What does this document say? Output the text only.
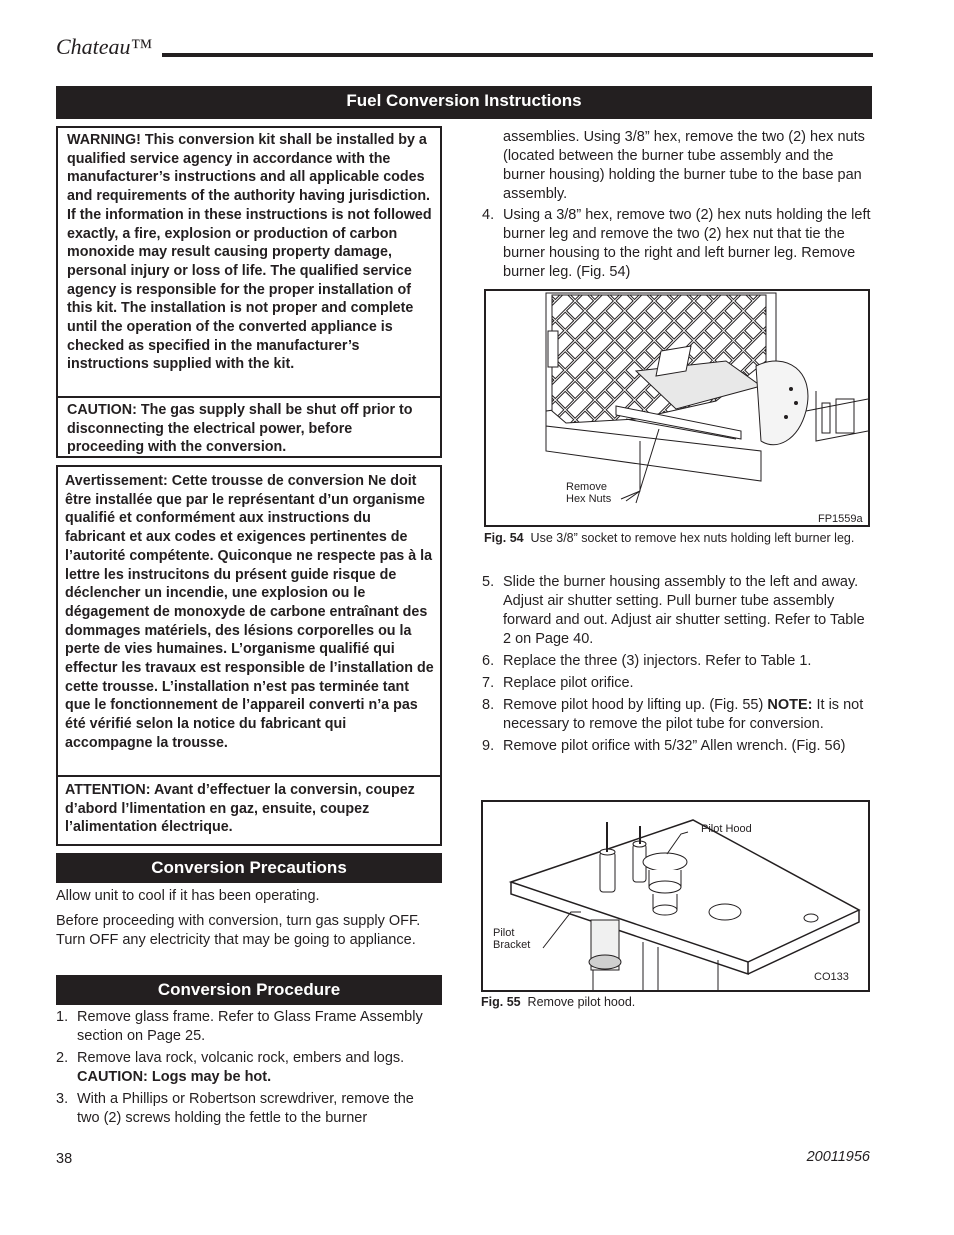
Chateau™
Fuel Conversion Instructions
WARNING! This conversion kit shall be installed by a qualified service agency in accordance with the manufacturer’s instructions and all applicable codes and requirements of the authority having jurisdiction. If the information in these instructions is not followed exactly, a fire, explosion or production of carbon monoxide may result causing property damage, personal injury or loss of life. The qualified service agency is responsible for the proper installation of this kit. The installation is not proper and complete until the operation of the converted appliance is checked as specified in the manufacturer’s instructions supplied with the kit.
CAUTION: The gas supply shall be shut off prior to disconnecting the electrical power, before proceeding with the conversion.
Avertissement: Cette trousse de conversion Ne doit être installée que par le représentant d’un organisme qualifié et conformément aux instructions du fabricant et aux codes et exigences pertinentes de l’autorité compétente. Quiconque ne respecte pas à la lettre les instrucitons du présent guide risque de déclencher un incendie, une explosion ou le dégagement de monoxyde de carbone entraînant des dommages matériels, des lésions corporelles ou la perte de vies humaines. L’organisme qualifié qui effectur les travaux est responsible de l’installation de cette trousse. L’installation n’est pas terminée tant que le fonctionnement de l’appareil converti n’a pas été vérifié selon la notice du fabricant qui accompagne la trousse.
ATTENTION: Avant d’effectuer la conversin, coupez d’abord l’limentation en gaz, ensuite, coupez l’alimentation électrique.
Conversion Precautions

Allow unit to cool if it has been operating.

Before proceeding with conversion, turn gas supply OFF. Turn OFF any electricity that may be going to appliance.

Conversion Procedure
1. Remove glass frame. Refer to Glass Frame Assembly section on Page 25.
2. Remove lava rock, volcanic rock, embers and logs.
CAUTION: Logs may be hot.
3. With a Phillips or Robertson screwdriver, remove the two (2) screws holding the fettle to the burner

assemblies. Using 3/8” hex, remove the two (2) hex nuts (located between the burner tube assembly and the burner housing) holding the burner tube to the base pan assembly.

4. Using a 3/8” hex, remove two (2) hex nuts holding the left burner leg and remove the two (2) hex nut that tie the burner housing to the right and left burner leg. Remove burner leg. (Fig. 54)
Remove Hex Nuts
FP1559a
Fig. 54 Use 3/8” socket to remove hex nuts holding left burner leg.
5. Slide the burner housing assembly to the left and away. Adjust air shutter setting. Pull burner tube assembly forward and out. Adjust air shutter setting. Refer to Table 2 on Page 40.
6. Replace the three (3) injectors. Refer to Table 1.
7. Replace pilot orifice.
8. Remove pilot hood by lifting up. (Fig. 55) NOTE: It is not necessary to remove the pilot tube for conversion.
9. Remove pilot orifice with 5/32” Allen wrench. (Fig. 56)
Pilot Hood
Pilot Bracket
CO133
Fig. 55 Remove pilot hood.
38	20011956
